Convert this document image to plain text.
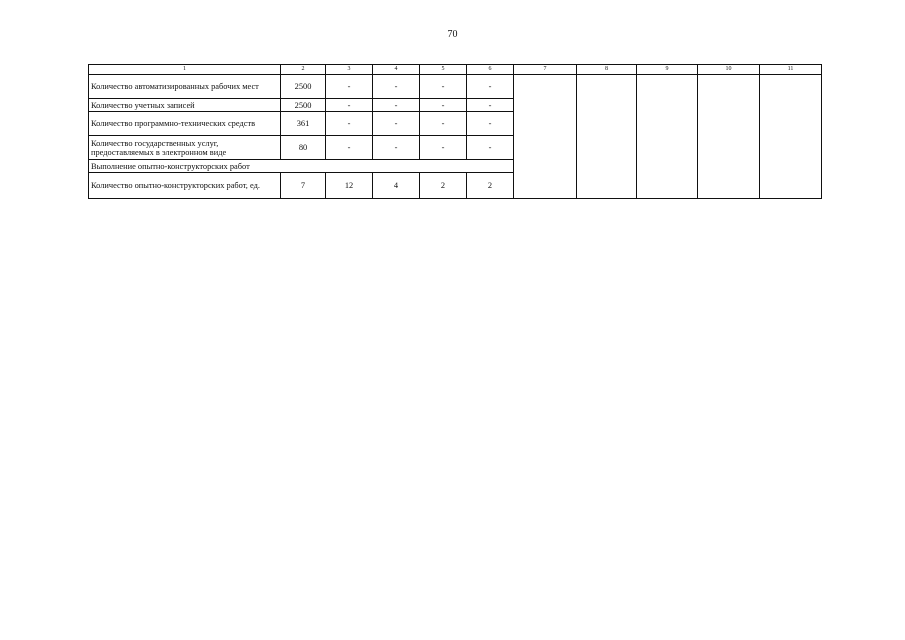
70
1	2	3	4	5	6	7	8	9	10	11
Количество автоматизированных рабочих мест	2500	-	-	-	-					
Количество учетных записей	2500	-	-	-	-					
Количество программно-технических средств	361	-	-	-	-					
Количество государственных услуг, предоставляемых в электронном виде	80	-	-	-	-					
Выполнение опытно-конструкторских работ										
Количество опытно-конструкторских работ, ед.	7	12	4	2	2					
